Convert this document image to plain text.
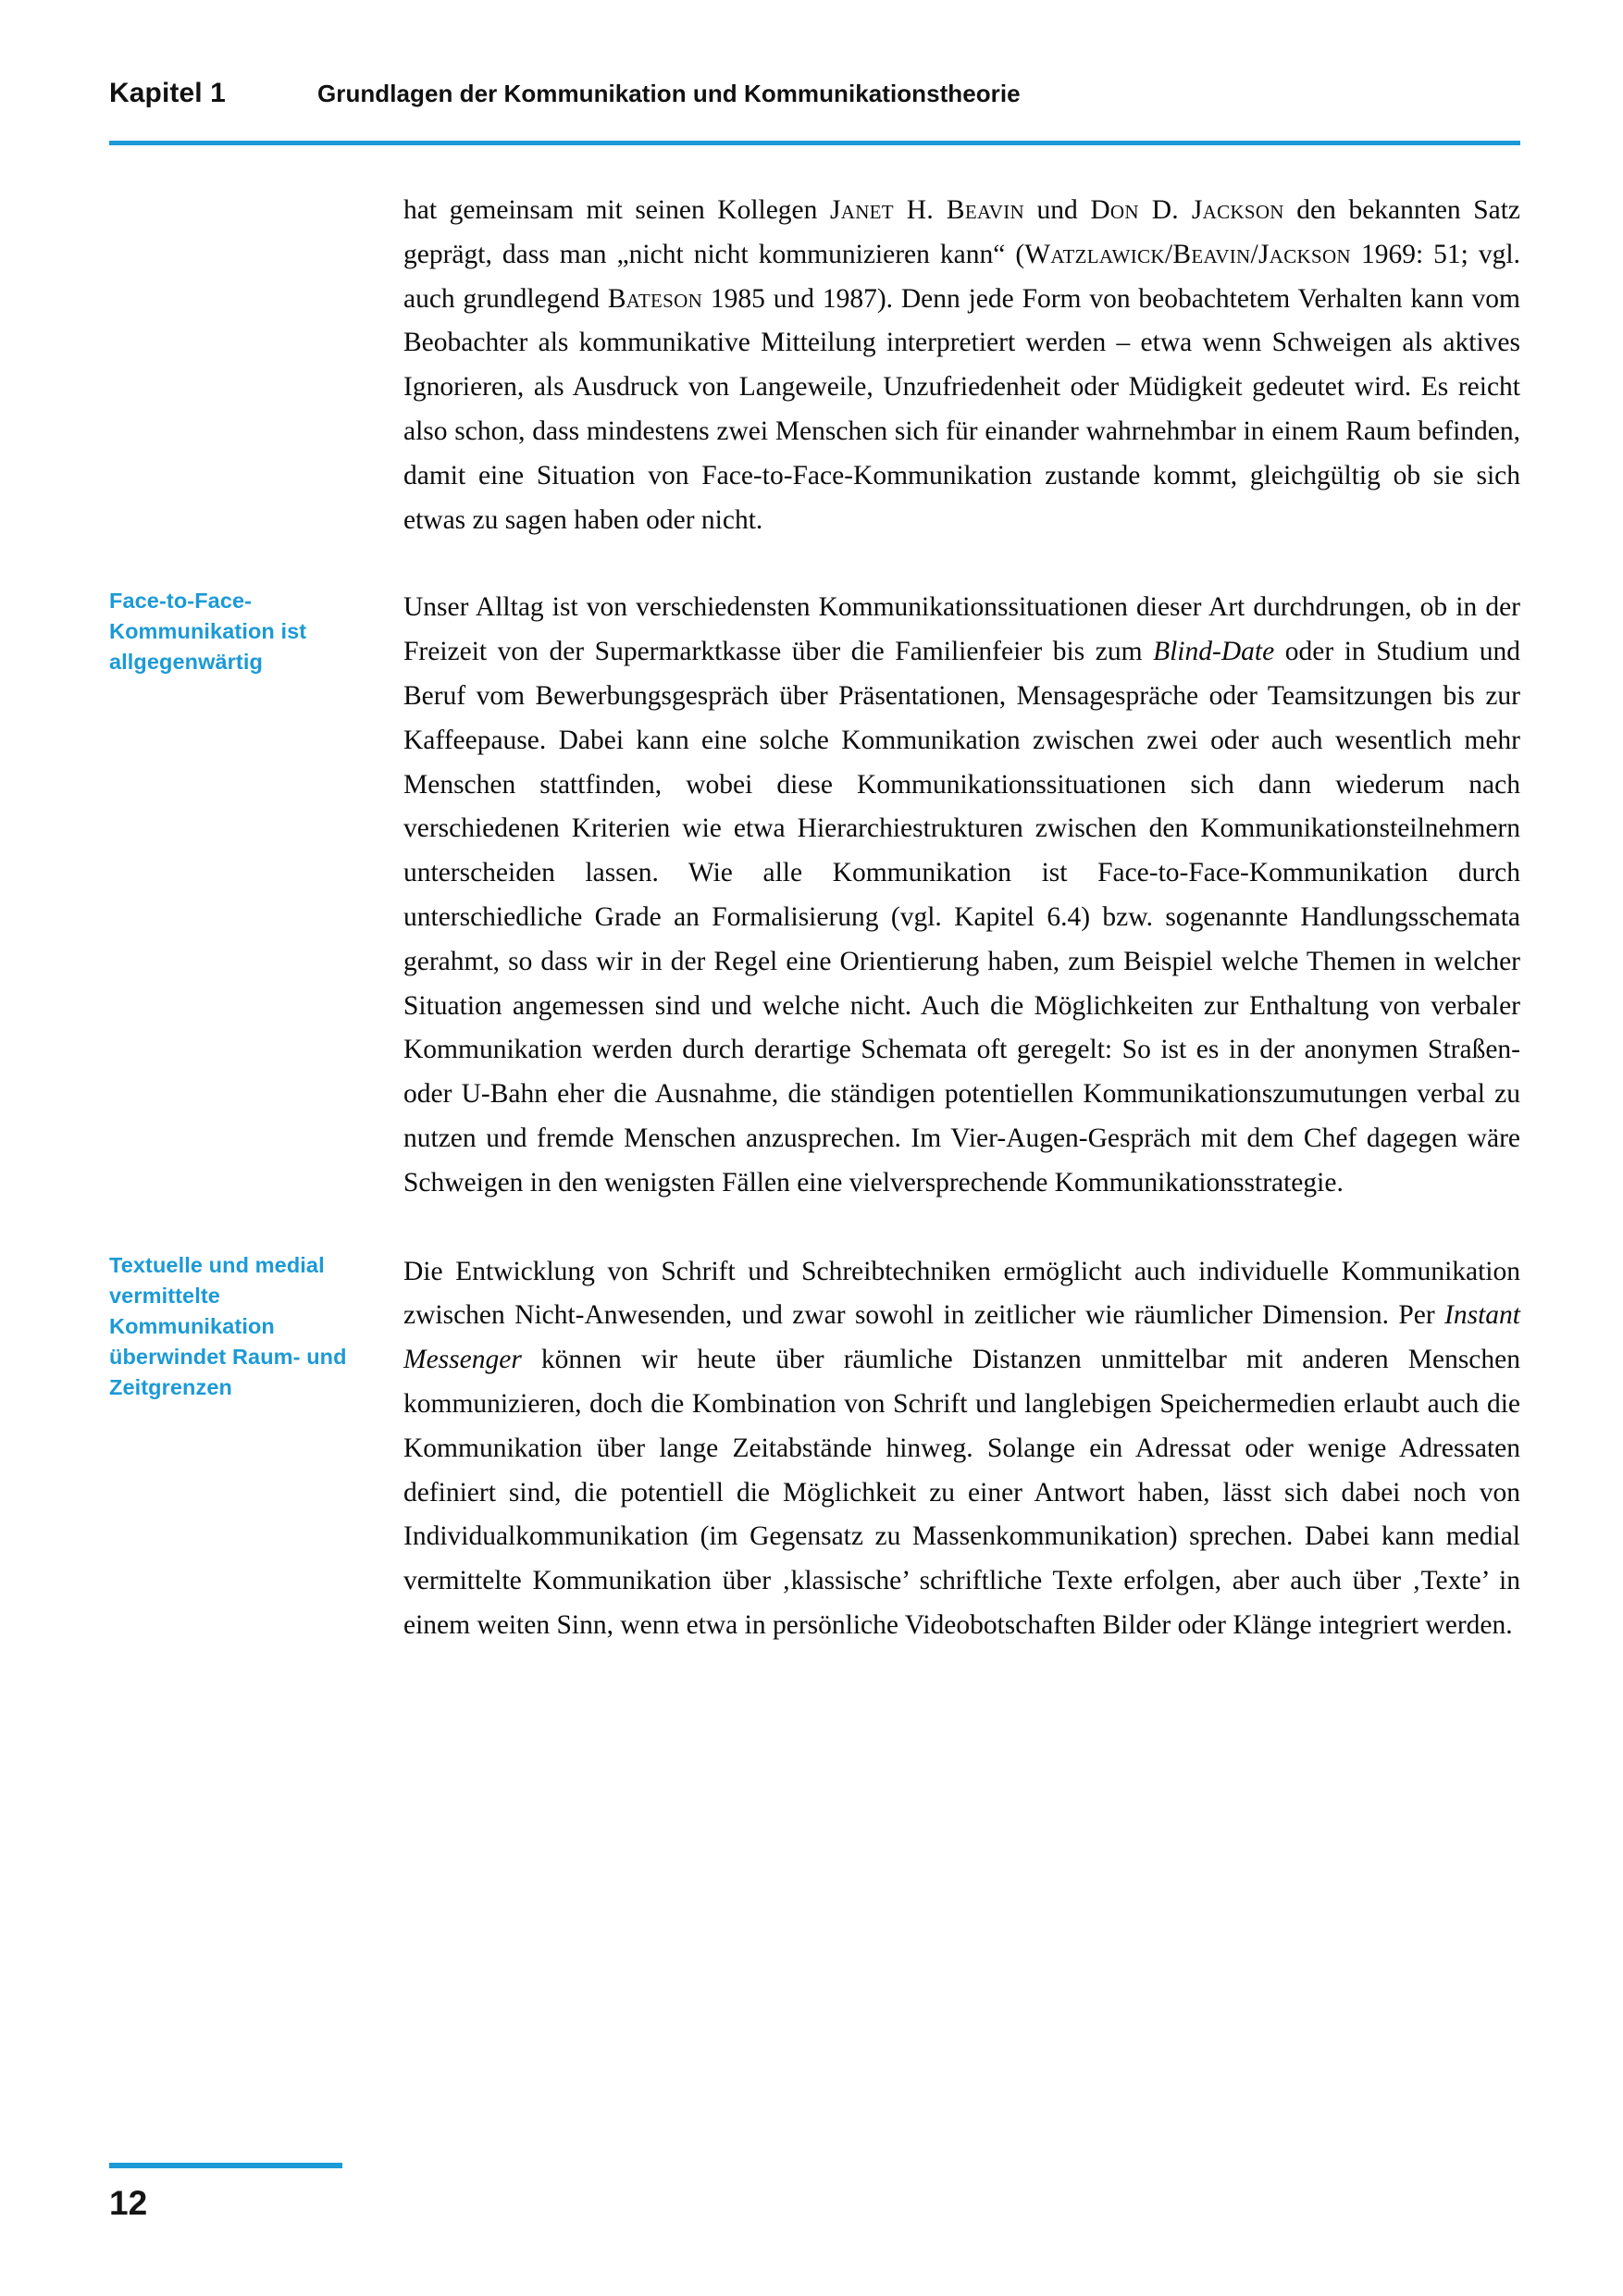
Kapitel 1	Grundlagen der Kommunikation und Kommunikationstheorie

hat gemeinsam mit seinen Kollegen Janet H. Beavin und Don D. Jackson den bekannten Satz geprägt, dass man „nicht nicht kommunizieren kann“ (Watzlawick/Beavin/Jackson 1969: 51; vgl. auch grundlegend Bateson 1985 und 1987). Denn jede Form von beobachtetem Verhalten kann vom Beobachter als kommunikative Mitteilung interpretiert werden – etwa wenn Schweigen als aktives Ignorieren, als Ausdruck von Langeweile, Unzufriedenheit oder Müdigkeit gedeutet wird. Es reicht also schon, dass mindestens zwei Menschen sich für einander wahrnehmbar in einem Raum befinden, damit eine Situation von Face-to-Face-Kommunikation zustande kommt, gleichgültig ob sie sich etwas zu sagen haben oder nicht.

Face-to-Face-Kommunikation ist allgegenwärtig

Unser Alltag ist von verschiedensten Kommunikationssituationen dieser Art durchdrungen, ob in der Freizeit von der Supermarktkasse über die Familienfeier bis zum Blind-Date oder in Studium und Beruf vom Bewerbungsgespräch über Präsentationen, Mensagespräche oder Teamsitzungen bis zur Kaffeepause. Dabei kann eine solche Kommunikation zwischen zwei oder auch wesentlich mehr Menschen stattfinden, wobei diese Kommunikationssituationen sich dann wiederum nach verschiedenen Kriterien wie etwa Hierarchiestrukturen zwischen den Kommunikationsteilnehmern unterscheiden lassen. Wie alle Kommunikation ist Face-to-Face-Kommunikation durch unterschiedliche Grade an Formalisierung (vgl. Kapitel 6.4) bzw. sogenannte Handlungsschemata gerahmt, so dass wir in der Regel eine Orientierung haben, zum Beispiel welche Themen in welcher Situation angemessen sind und welche nicht. Auch die Möglichkeiten zur Enthaltung von verbaler Kommunikation werden durch derartige Schemata oft geregelt: So ist es in der anonymen Straßen- oder U-Bahn eher die Ausnahme, die ständigen potentiellen Kommunikationszumutungen verbal zu nutzen und fremde Menschen anzusprechen. Im Vier-Augen-Gespräch mit dem Chef dagegen wäre Schweigen in den wenigsten Fällen eine vielversprechende Kommunikationsstrategie.

Textuelle und medial vermittelte Kommunikation überwindet Raum- und Zeitgrenzen

Die Entwicklung von Schrift und Schreibtechniken ermöglicht auch individuelle Kommunikation zwischen Nicht-Anwesenden, und zwar sowohl in zeitlicher wie räumlicher Dimension. Per Instant Messenger können wir heute über räumliche Distanzen unmittelbar mit anderen Menschen kommunizieren, doch die Kombination von Schrift und langlebigen Speichermedien erlaubt auch die Kommunikation über lange Zeitabstände hinweg. Solange ein Adressat oder wenige Adressaten definiert sind, die potentiell die Möglichkeit zu einer Antwort haben, lässt sich dabei noch von Individualkommunikation (im Gegensatz zu Massenkommunikation) sprechen. Dabei kann medial vermittelte Kommunikation über ‚klassische’ schriftliche Texte erfolgen, aber auch über ‚Texte’ in einem weiten Sinn, wenn etwa in persönliche Videobotschaften Bilder oder Klänge integriert werden.

12
